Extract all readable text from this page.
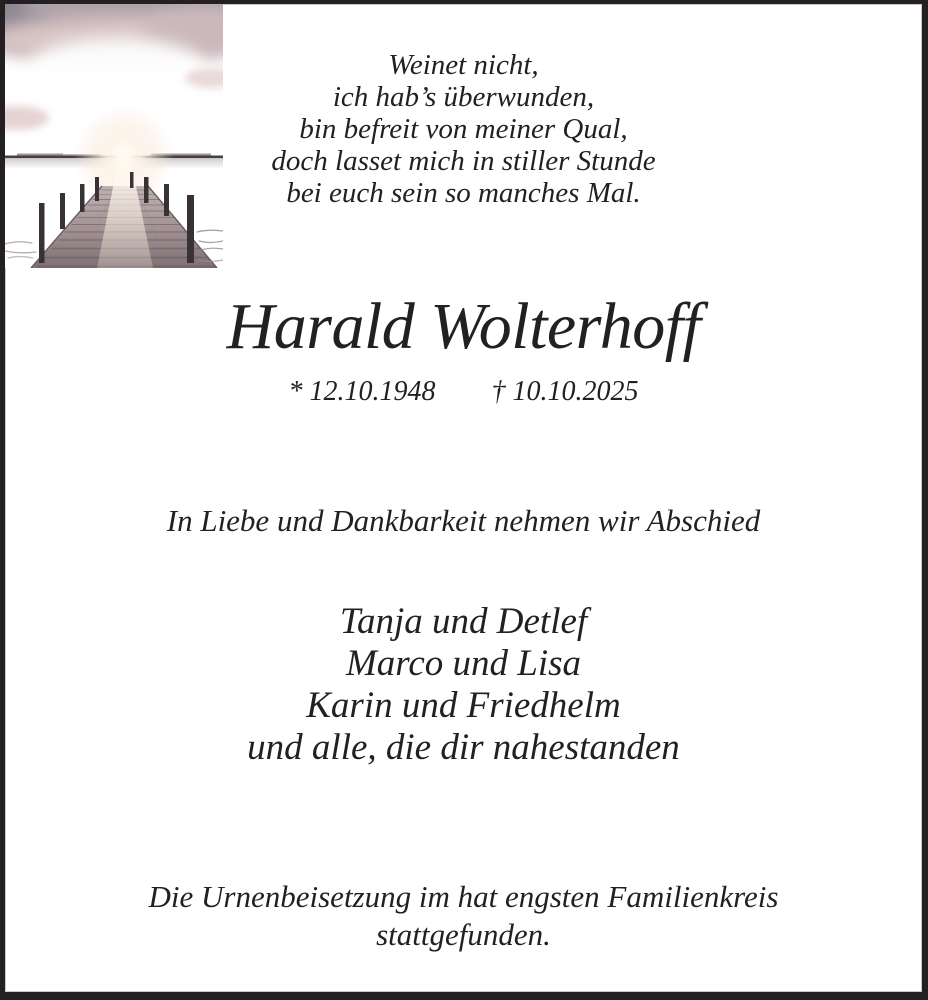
Weinet nicht,
ich hab’s überwunden,
bin befreit von meiner Qual,
doch lasset mich in stiller Stunde
bei euch sein so manches Mal.
Harald Wolterhoff
* 12.10.1948 † 10.10.2025
In Liebe und Dankbarkeit nehmen wir Abschied
Tanja und Detlef
Marco und Lisa
Karin und Friedhelm
und alle, die dir nahestanden
Die Urnenbeisetzung im hat engsten Familienkreis
stattgefunden.
